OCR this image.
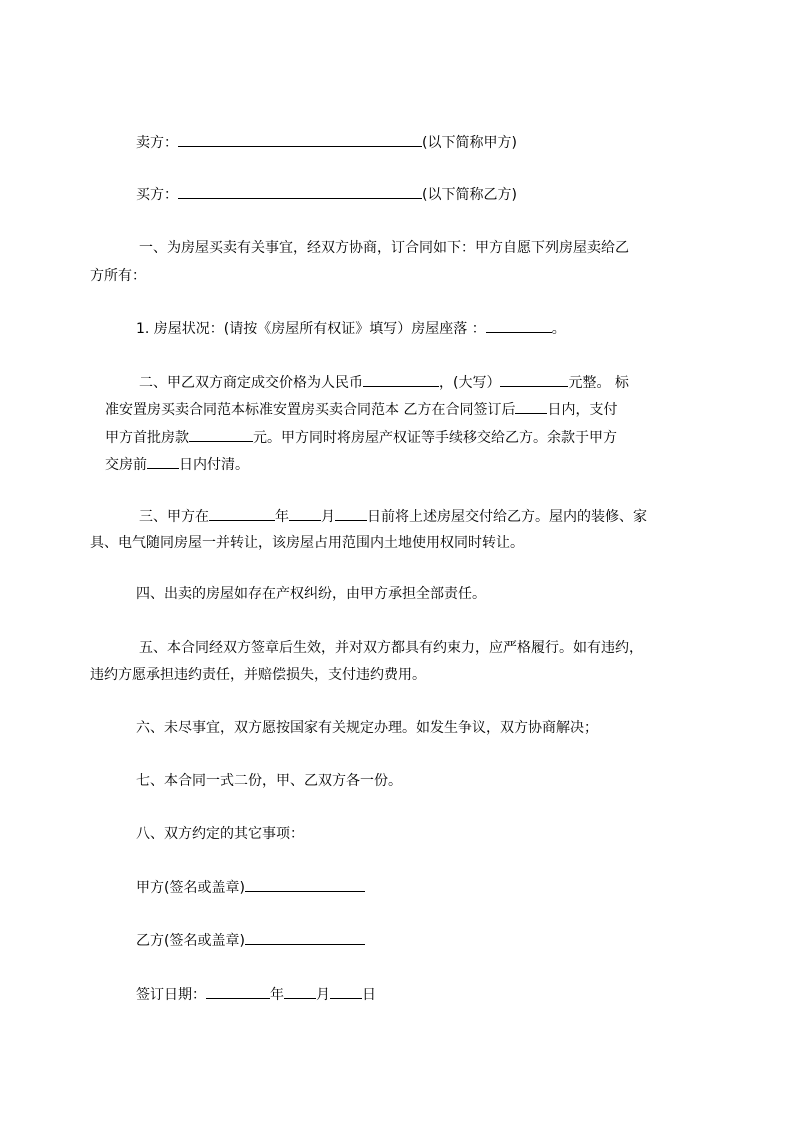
卖方：	(以下简称甲方)
买方：	(以下简称乙方)
一、为房屋买卖有关事宜，经双方协商，订合同如下：甲方自愿下列房屋卖给乙
方所有：
1. 房屋状况：(请按《房屋所有权证》填写）房屋座落 ：	。
二、甲乙双方商定成交价格为人民币	，(大写）	元整。 标
准安置房买卖合同范本标准安置房买卖合同范本 乙方在合同签订后 日内，支付
甲方首批房款	元。甲方同时将房屋产权证等手续移交给乙方。余款于甲方
交房前 日内付清。
三、甲方在	年 月 日前将上述房屋交付给乙方。屋内的装修、家
具、电气随同房屋一并转让，该房屋占用范围内土地使用权同时转让。
四、出卖的房屋如存在产权纠纷，由甲方承担全部责任。
五、本合同经双方签章后生效，并对双方都具有约束力，应严格履行。如有违约，
违约方愿承担违约责任，并赔偿损失，支付违约费用。
六、未尽事宜，双方愿按国家有关规定办理。如发生争议，双方协商解决；
七、本合同一式二份，甲、乙双方各一份。
八、双方约定的其它事项：
甲方(签名或盖章)
乙方(签名或盖章)
签订日期：	年 月 日
